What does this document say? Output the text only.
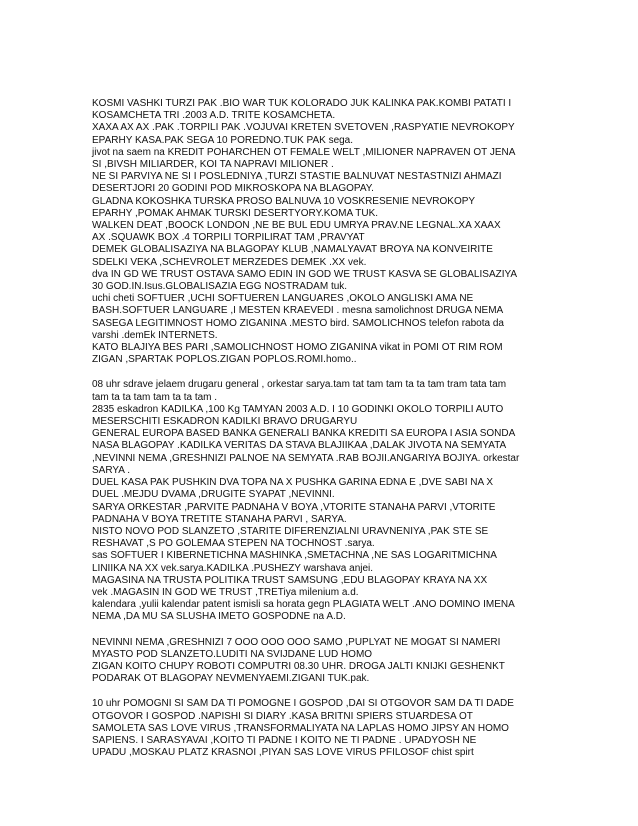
KOSMI VASHKI TURZI PAK .BIO WAR TUK KOLORADO JUK KALINKA PAK.KOMBI PATATI I
KOSAMCHETA TRI .2003 A.D. TRITE KOSAMCHETA.
XAXA AX AX .PAK .TORPILI PAK .VOJUVAI KRETEN SVETOVEN ,RASPYATIE NEVROKOPY
EPARHY KASA.PAK SEGA 10 POREDNO.TUK PAK sega.
jivot na saem na KREDIT POHARCHEN OT FEMALE WELT ,MILIONER NAPRAVEN OT JENA
SI ,BIVSH MILIARDER, KOI TA NAPRAVI MILIONER .
NE SI PARVIYA NE SI I POSLEDNIYA ,TURZI STASTIE BALNUVAT NESTASTNIZI AHMAZI
DESERTJORI 20 GODINI POD MIKROSKOPA NA BLAGOPAY.
GLADNA KOKOSHKA TURSKA PROSO BALNUVA 10 VOSKRESENIE NEVROKOPY
EPARHY ,POMAK AHMAK TURSKI DESERTYORY.KOMA TUK.
WALKEN DEAT ,BOOCK LONDON ,NE BE BUL EDU UMRYA PRAV.NE LEGNAL.XA XAAX
AX .SQUAWK BOX .4 TORPILI TORPILIRAT TAM ,PRAVYAT
DEMEK GLOBALISAZIYA NA BLAGOPAY KLUB ,NAMALYAVAT BROYA NA KONVEIRITE
SDELKI VEKA ,SCHEVROLET MERZEDES DEMEK .XX vek.
dva IN GD WE TRUST OSTAVA SAMO EDIN IN GOD WE TRUST KASVA SE GLOBALISAZIYA
30 GOD.IN.Isus.GLOBALISAZIA EGG NOSTRADAM tuk.
uchi cheti SOFTUER ,UCHI SOFTUEREN LANGUARES ,OKOLO ANGLISKI AMA NE
BASH.SOFTUER LANGUARE ,I MESTEN KRAEVEDI . mesna samolichnost DRUGA NEMA
SASEGA LEGITIMNOST HOMO ZIGANINA .MESTO bird. SAMOLICHNOS telefon rabota da
varshi .demEk INTERNETS.
KATO BLAJIYA BES PARI ,SAMOLICHNOST HOMO ZIGANINA vikat in POMI OT RIM ROM
ZIGAN ,SPARTAK POPLOS.ZIGAN POPLOS.ROMI.homo..
08 uhr sdrave jelaem drugaru general , orkestar sarya.tam tat tam tam ta ta tam tram tata tam
tam ta ta tam tam ta ta tam .
2835 eskadron KADILKA ,100 Kg TAMYAN 2003 A.D. I 10 GODINKI OKOLO TORPILI AUTO
MESERSCHITI ESKADRON KADILKI BRAVO DRUGARYU
GENERAL EUROPA BASED BANKA GENERALI BANKA KREDITI SA EUROPA I ASIA SONDA
NASA BLAGOPAY .KADILKA VERITAS DA STAVA BLAJIIKAA ,DALAK JIVOTA NA SEMYATA
,NEVINNI NEMA ,GRESHNIZI PALNOE NA SEMYATA .RAB BOJII.ANGARIYA BOJIYA. orkestar
SARYA .
DUEL KASA PAK PUSHKIN DVA TOPA NA X PUSHKA GARINA EDNA E ,DVE SABI NA X
DUEL .MEJDU DVAMA ,DRUGITE SYAPAT ,NEVINNI.
SARYA ORKESTAR ,PARVITE PADNAHA V BOYA ,VTORITE STANAHA PARVI ,VTORITE
PADNAHA V BOYA TRETITE STANAHA PARVI , SARYA.
NISTO NOVO POD SLANZETO ,STARITE DIFERENZIALNI URAVNENIYA ,PAK STE SE
RESHAVAT ,S PO GOLEMAA STEPEN NA TOCHNOST .sarya.
sas SOFTUER I KIBERNETICHNA MASHINKA ,SMETACHNA ,NE SAS LOGARITMICHNA
LINIIKA NA XX vek.sarya.KADILKA .PUSHEZY warshava anjei.
MAGASINA NA TRUSTA POLITIKA TRUST SAMSUNG ,EDU BLAGOPAY KRAYA NA XX
vek .MAGASIN IN GOD WE TRUST ,TRETiya milenium a.d.
kalendara ,yulii kalendar patent ismisli sa horata gegn PLAGIATA WELT .ANO DOMINO IMENA
NEMA ,DA MU SA SLUSHA IMETO GOSPODNE na A.D.
NEVINNI NEMA ,GRESHNIZI 7 OOO OOO OOO SAMO ,PUPLYAT NE MOGAT SI NAMERI
MYASTO POD SLANZETO.LUDITI NA SVIJDANE LUD HOMO
ZIGAN KOITO CHUPY ROBOTI COMPUTRI 08.30 UHR. DROGA JALTI KNIJKI GESHENKT
PODARAK OT BLAGOPAY NEVMENYAEMI.ZIGANI TUK.pak.
10 uhr POMOGNI SI SAM DA TI POMOGNE I GOSPOD ,DAI SI OTGOVOR SAM DA TI DADE
OTGOVOR I GOSPOD .NAPISHI SI DIARY .KASA BRITNI SPIERS STUARDESA OT
SAMOLETA SAS LOVE VIRUS ,TRANSFORMALIYATA NA LAPLAS HOMO JIPSY AN HOMO
SAPIENS. I SARASYAVAI ,KOITO TI PADNE I KOITO NE TI PADNE . UPADYOSH NE
UPADU ,MOSKAU PLATZ KRASNOI ,PIYAN SAS LOVE VIRUS PFILOSOF chist spirt
